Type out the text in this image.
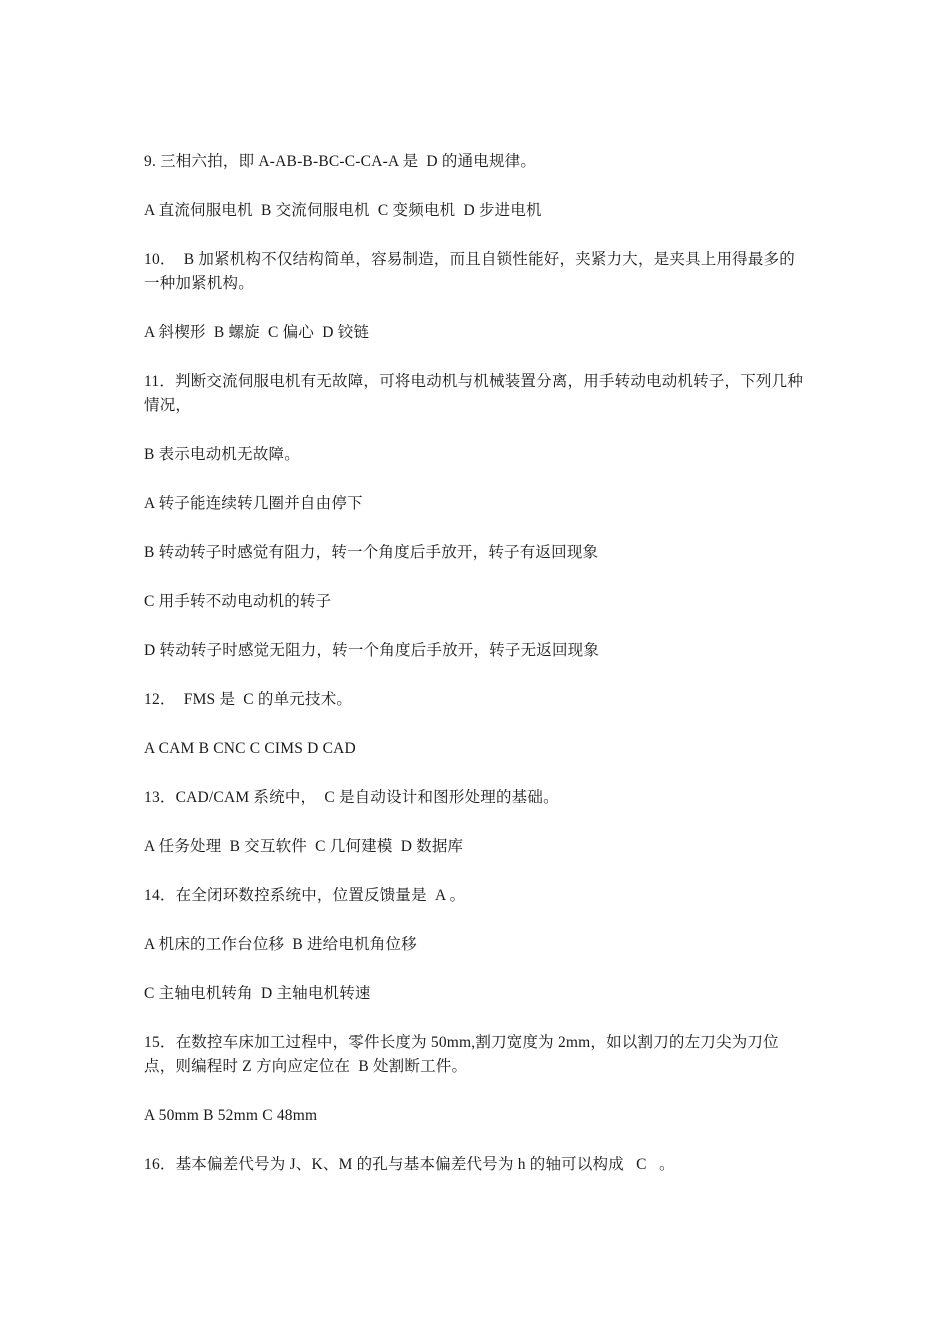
9. 三相六拍，即 A-AB-B-BC-C-CA-A 是  D 的通电规律。

A 直流伺服电机  B 交流伺服电机  C 变频电机  D 步进电机

10．  B 加紧机构不仅结构简单，容易制造，而且自锁性能好，夹紧力大，是夹具上用得最多的一种加紧机构。

A 斜楔形  B 螺旋  C 偏心  D 铰链

11．判断交流伺服电机有无故障，可将电动机与机械装置分离，用手转动电动机转子，下列几种情况，

B 表示电动机无故障。

A 转子能连续转几圈并自由停下

B 转动转子时感觉有阻力，转一个角度后手放开，转子有返回现象

C 用手转不动电动机的转子

D 转动转子时感觉无阻力，转一个角度后手放开，转子无返回现象

12．  FMS 是  C 的单元技术。

A CAM B CNC C CIMS D CAD

13．CAD/CAM 系统中，  C 是自动设计和图形处理的基础。

A 任务处理  B 交互软件  C 几何建模  D 数据库

14．在全闭环数控系统中，位置反馈量是  A 。

A 机床的工作台位移  B 进给电机角位移

C 主轴电机转角  D 主轴电机转速

15．在数控车床加工过程中，零件长度为 50mm,割刀宽度为 2mm，如以割刀的左刀尖为刀位点，则编程时 Z 方向应定位在  B 处割断工件。

A 50mm B 52mm C 48mm

16．基本偏差代号为 J、K、M 的孔与基本偏差代号为 h 的轴可以构成   C   。
